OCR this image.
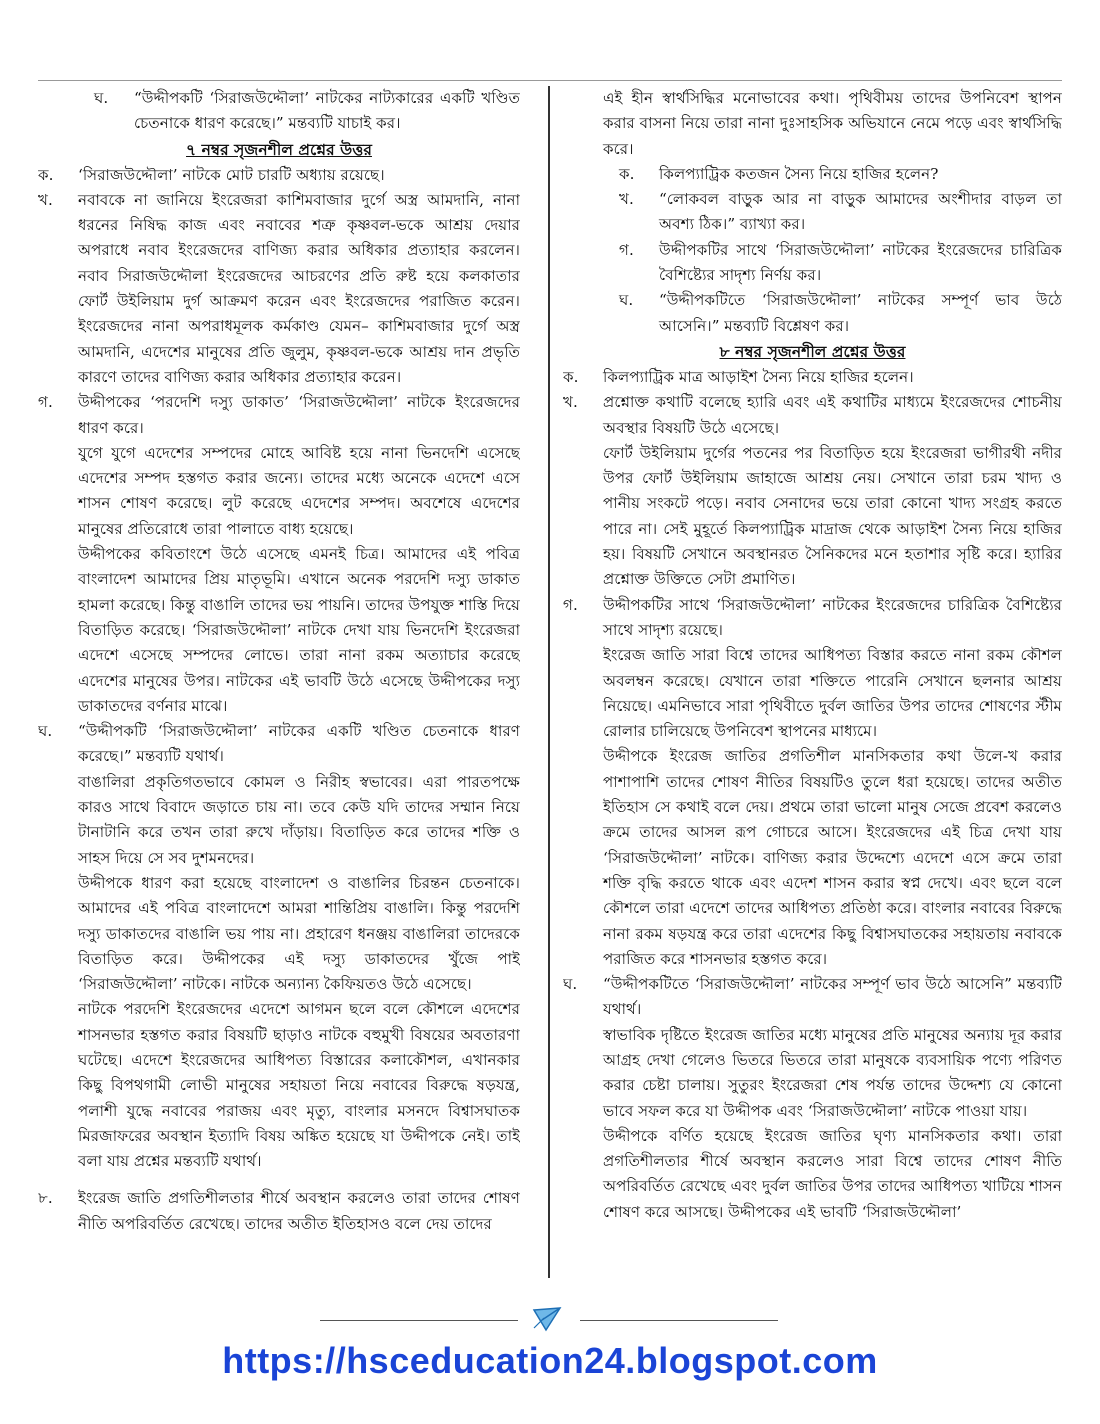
ঘ.	“উদ্দীপকটি ‘সিরাজউদ্দৌলা’ নাটকের নাট্যকারের একটি খণ্ডিত চেতনাকে ধারণ করেছে।” মন্তব্যটি যাচাই কর।

৭ নম্বর সৃজনশীল প্রশ্নের উত্তর

ক.	‘সিরাজউদ্দৌলা’ নাটকে মোট চারটি অধ্যায় রয়েছে।
খ.	নবাবকে না জানিয়ে ইংরেজরা কাশিমবাজার দুর্গে অস্ত্র আমদানি, নানা ধরনের নিষিদ্ধ কাজ এবং নবাবের শত্রু কৃষ্ণবল-ভকে আশ্রয় দেয়ার অপরাধে নবাব ইংরেজদের বাণিজ্য করার অধিকার প্রত্যাহার করলেন। নবাব সিরাজউদ্দৌলা ইংরেজদের আচরণের প্রতি রুষ্ট হয়ে কলকাতার ফোর্ট উইলিয়াম দুর্গ আক্রমণ করেন এবং ইংরেজদের পরাজিত করেন। ইংরেজদের নানা অপরাধমূলক কর্মকাণ্ড যেমন– কাশিমবাজার দুর্গে অস্ত্র আমদানি, এদেশের মানুষের প্রতি জুলুম, কৃষ্ণবল-ভকে আশ্রয় দান প্রভৃতি কারণে তাদের বাণিজ্য করার অধিকার প্রত্যাহার করেন।
গ.	উদ্দীপকের ‘পরদেশি দস্যু ডাকাত’ ‘সিরাজউদ্দৌলা’ নাটকে ইংরেজদের ধারণ করে।

যুগে যুগে এদেশের সম্পদের মোহে আবিষ্ট হয়ে নানা ভিনদেশি এসেছে এদেশের সম্পদ হস্তগত করার জন্যে। তাদের মধ্যে অনেকে এদেশে এসে শাসন শোষণ করেছে। লুট করেছে এদেশের সম্পদ। অবশেষে এদেশের মানুষের প্রতিরোধে তারা পালাতে বাধ্য হয়েছে।

উদ্দীপকের কবিতাংশে উঠে এসেছে এমনই চিত্র। আমাদের এই পবিত্র বাংলাদেশ আমাদের প্রিয় মাতৃভূমি। এখানে অনেক পরদেশি দস্যু ডাকাত হামলা করেছে। কিন্তু বাঙালি তাদের ভয় পায়নি। তাদের উপযুক্ত শাস্তি দিয়ে বিতাড়িত করেছে। ‘সিরাজউদ্দৌলা’ নাটকে দেখা যায় ভিনদেশি ইংরেজরা এদেশে এসেছে সম্পদের লোভে। তারা নানা রকম অত্যাচার করেছে এদেশের মানুষের উপর। নাটকের এই ভাবটি উঠে এসেছে উদ্দীপকের দস্যু ডাকাতদের বর্ণনার মাঝে।

ঘ.	“উদ্দীপকটি ‘সিরাজউদ্দৌলা’ নাটকের একটি খণ্ডিত চেতনাকে ধারণ করেছে।” মন্তব্যটি যথার্থ।

বাঙালিরা প্রকৃতিগতভাবে কোমল ও নিরীহ স্বভাবের। এরা পারতপক্ষে কারও সাথে বিবাদে জড়াতে চায় না। তবে কেউ যদি তাদের সম্মান নিয়ে টানাটানি করে তখন তারা রুখে দাঁড়ায়। বিতাড়িত করে তাদের শক্তি ও সাহস দিয়ে সে সব দুশমনদের।

উদ্দীপকে ধারণ করা হয়েছে বাংলাদেশ ও বাঙালির চিরন্তন চেতনাকে। আমাদের এই পবিত্র বাংলাদেশে আমরা শান্তিপ্রিয় বাঙালি। কিন্তু পরদেশি দস্যু ডাকাতদের বাঙালি ভয় পায় না। প্রহারেণ ধনঞ্জয় বাঙালিরা তাদেরকে বিতাড়িত করে। উদ্দীপকের এই দস্যু ডাকাতদের খুঁজে পাই ‘সিরাজউদ্দৌলা’ নাটকে। নাটকে অন্যান্য কৈফিয়তও উঠে এসেছে।

নাটকে পরদেশি ইংরেজদের এদেশে আগমন ছলে বলে কৌশলে এদেশের শাসনভার হস্তগত করার বিষয়টি ছাড়াও নাটকে বহুমুখী বিষয়ের অবতারণা ঘটেছে। এদেশে ইংরেজদের আধিপত্য বিস্তারের কলাকৌশল, এখানকার কিছু বিপথগামী লোভী মানুষের সহায়তা নিয়ে নবাবের বিরুদ্ধে ষড়যন্ত্র, পলাশী যুদ্ধে নবাবের পরাজয় এবং মৃত্যু, বাংলার মসনদে বিশ্বাসঘাতক মিরজাফরের অবস্থান ইত্যাদি বিষয় অঙ্কিত হয়েছে যা উদ্দীপকে নেই। তাই বলা যায় প্রশ্নের মন্তব্যটি যথার্থ।

৮.	ইংরেজ জাতি প্রগতিশীলতার শীর্ষে অবস্থান করলেও তারা তাদের শোষণ নীতি অপরিবর্তিত রেখেছে। তাদের অতীত ইতিহাসও বলে দেয় তাদের

এই হীন স্বার্থসিদ্ধির মনোভাবের কথা। পৃথিবীময় তাদের উপনিবেশ স্থাপন করার বাসনা নিয়ে তারা নানা দুঃসাহসিক অভিযানে নেমে পড়ে এবং স্বার্থসিদ্ধি করে।

ক.	কিলপ্যাট্রিক কতজন সৈন্য নিয়ে হাজির হলেন?
খ.	“লোকবল বাড়ুক আর না বাড়ুক আমাদের অংশীদার বাড়ল তা অবশ্য ঠিক।” ব্যাখ্যা কর।
গ.	উদ্দীপকটির সাথে ‘সিরাজউদ্দৌলা’ নাটকের ইংরেজদের চারিত্রিক বৈশিষ্ট্যের সাদৃশ্য নির্ণয় কর।
ঘ.	“উদ্দীপকটিতে ‘সিরাজউদ্দৌলা’ নাটকের সম্পূর্ণ ভাব উঠে আসেনি।” মন্তব্যটি বিশ্লেষণ কর।

৮ নম্বর সৃজনশীল প্রশ্নের উত্তর

ক.	কিলপ্যাট্রিক মাত্র আড়াইশ সৈন্য নিয়ে হাজির হলেন।
খ.	প্রশ্নোক্ত কথাটি বলেছে হ্যারি এবং এই কথাটির মাধ্যমে ইংরেজদের শোচনীয় অবস্থার বিষয়টি উঠে এসেছে।

ফোর্ট উইলিয়াম দুর্গের পতনের পর বিতাড়িত হয়ে ইংরেজরা ভাগীরথী নদীর উপর ফোর্ট উইলিয়াম জাহাজে আশ্রয় নেয়। সেখানে তারা চরম খাদ্য ও পানীয় সংকটে পড়ে। নবাব সেনাদের ভয়ে তারা কোনো খাদ্য সংগ্রহ করতে পারে না। সেই মুহূর্তে কিলপ্যাট্রিক মাদ্রাজ থেকে আড়াইশ সৈন্য নিয়ে হাজির হয়। বিষয়টি সেখানে অবস্থানরত সৈনিকদের মনে হতাশার সৃষ্টি করে। হ্যারির প্রশ্নোক্ত উক্তিতে সেটা প্রমাণিত।

গ.	উদ্দীপকটির সাথে ‘সিরাজউদ্দৌলা’ নাটকের ইংরেজদের চারিত্রিক বৈশিষ্ট্যের সাথে সাদৃশ্য রয়েছে।

ইংরেজ জাতি সারা বিশ্বে তাদের আধিপত্য বিস্তার করতে নানা রকম কৌশল অবলম্বন করেছে। যেখানে তারা শক্তিতে পারেনি সেখানে ছলনার আশ্রয় নিয়েছে। এমনিভাবে সারা পৃথিবীতে দুর্বল জাতির উপর তাদের শোষণের স্টীম রোলার চালিয়েছে উপনিবেশ স্থাপনের মাধ্যমে।

উদ্দীপকে ইংরেজ জাতির প্রগতিশীল মানসিকতার কথা উলে-খ করার পাশাপাশি তাদের শোষণ নীতির বিষয়টিও তুলে ধরা হয়েছে। তাদের অতীত ইতিহাস সে কথাই বলে দেয়। প্রথমে তারা ভালো মানুষ সেজে প্রবেশ করলেও ক্রমে তাদের আসল রূপ গোচরে আসে। ইংরেজদের এই চিত্র দেখা যায় ‘সিরাজউদ্দৌলা’ নাটকে। বাণিজ্য করার উদ্দেশ্যে এদেশে এসে ক্রমে তারা শক্তি বৃদ্ধি করতে থাকে এবং এদেশ শাসন করার স্বপ্ন দেখে। এবং ছলে বলে কৌশলে তারা এদেশে তাদের আধিপত্য প্রতিষ্ঠা করে। বাংলার নবাবের বিরুদ্ধে নানা রকম ষড়যন্ত্র করে তারা এদেশের কিছু বিশ্বাসঘাতকের সহায়তায় নবাবকে পরাজিত করে শাসনভার হস্তগত করে।

ঘ.	“উদ্দীপকটিতে ‘সিরাজউদ্দৌলা’ নাটকের সম্পূর্ণ ভাব উঠে আসেনি” মন্তব্যটি যথার্থ।

স্বাভাবিক দৃষ্টিতে ইংরেজ জাতির মধ্যে মানুষের প্রতি মানুষের অন্যায় দূর করার আগ্রহ দেখা গেলেও ভিতরে ভিতরে তারা মানুষকে ব্যবসায়িক পণ্যে পরিণত করার চেষ্টা চালায়। সুতুরং ইংরেজরা শেষ পর্যন্ত তাদের উদ্দেশ্য যে কোনো ভাবে সফল করে যা উদ্দীপক এবং ‘সিরাজউদ্দৌলা’ নাটকে পাওয়া যায়।

উদ্দীপকে বর্ণিত হয়েছে ইংরেজ জাতির ঘৃণ্য মানসিকতার কথা। তারা প্রগতিশীলতার শীর্ষে অবস্থান করলেও সারা বিশ্বে তাদের শোষণ নীতি অপরিবর্তিত রেখেছে এবং দুর্বল জাতির উপর তাদের আধিপত্য খাটিয়ে শাসন শোষণ করে আসছে। উদ্দীপকের এই ভাবটি ‘সিরাজউদ্দৌলা’

https://hsceducation24.blogspot.com
